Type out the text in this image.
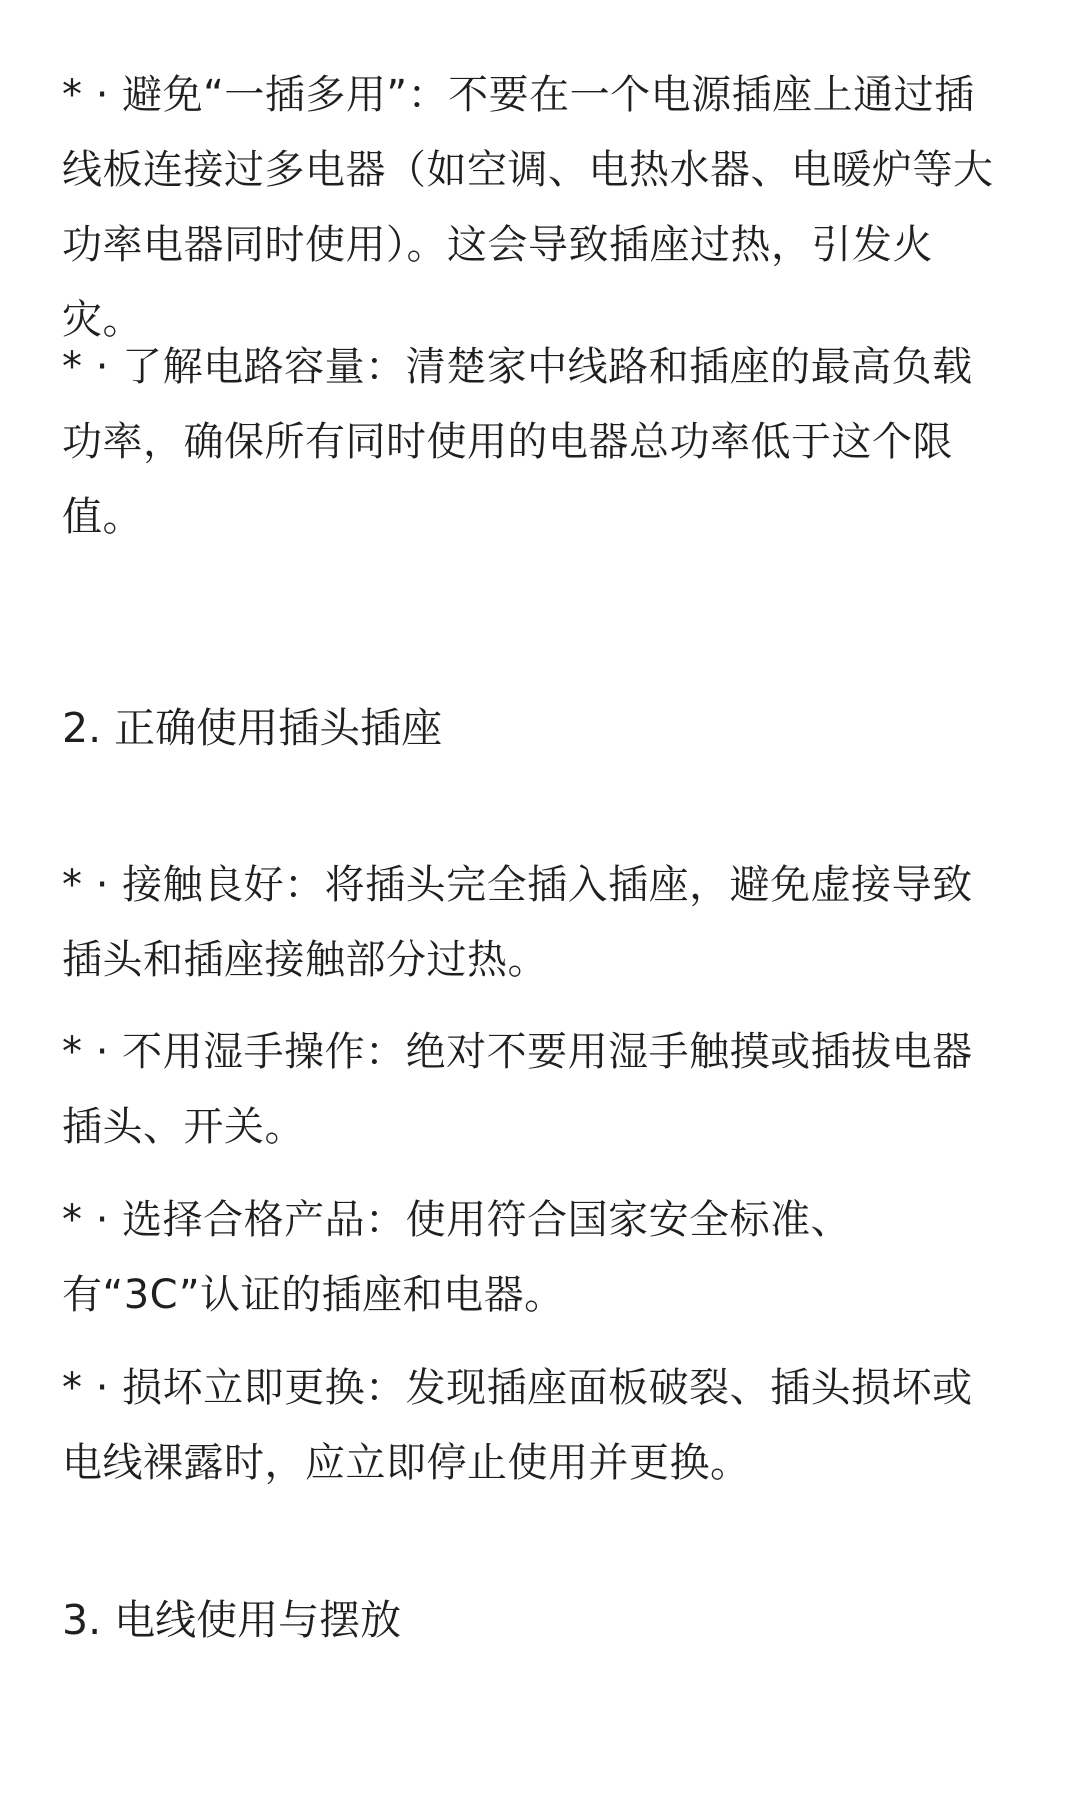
* · 避免“一插多用”：不要在一个电源插座上通过插
线板连接过多电器（如空调、电热水器、电暖炉等大
功率电器同时使用）。这会导致插座过热，引发火
灾。

* · 了解电路容量：清楚家中线路和插座的最高负载
功率，确保所有同时使用的电器总功率低于这个限
值。

2. 正确使用插头插座

* · 接触良好：将插头完全插入插座，避免虚接导致
插头和插座接触部分过热。

* · 不用湿手操作：绝对不要用湿手触摸或插拔电器
插头、开关。

* · 选择合格产品：使用符合国家安全标准、
有“3C”认证的插座和电器。

* · 损坏立即更换：发现插座面板破裂、插头损坏或
电线裸露时，应立即停止使用并更换。

3. 电线使用与摆放
